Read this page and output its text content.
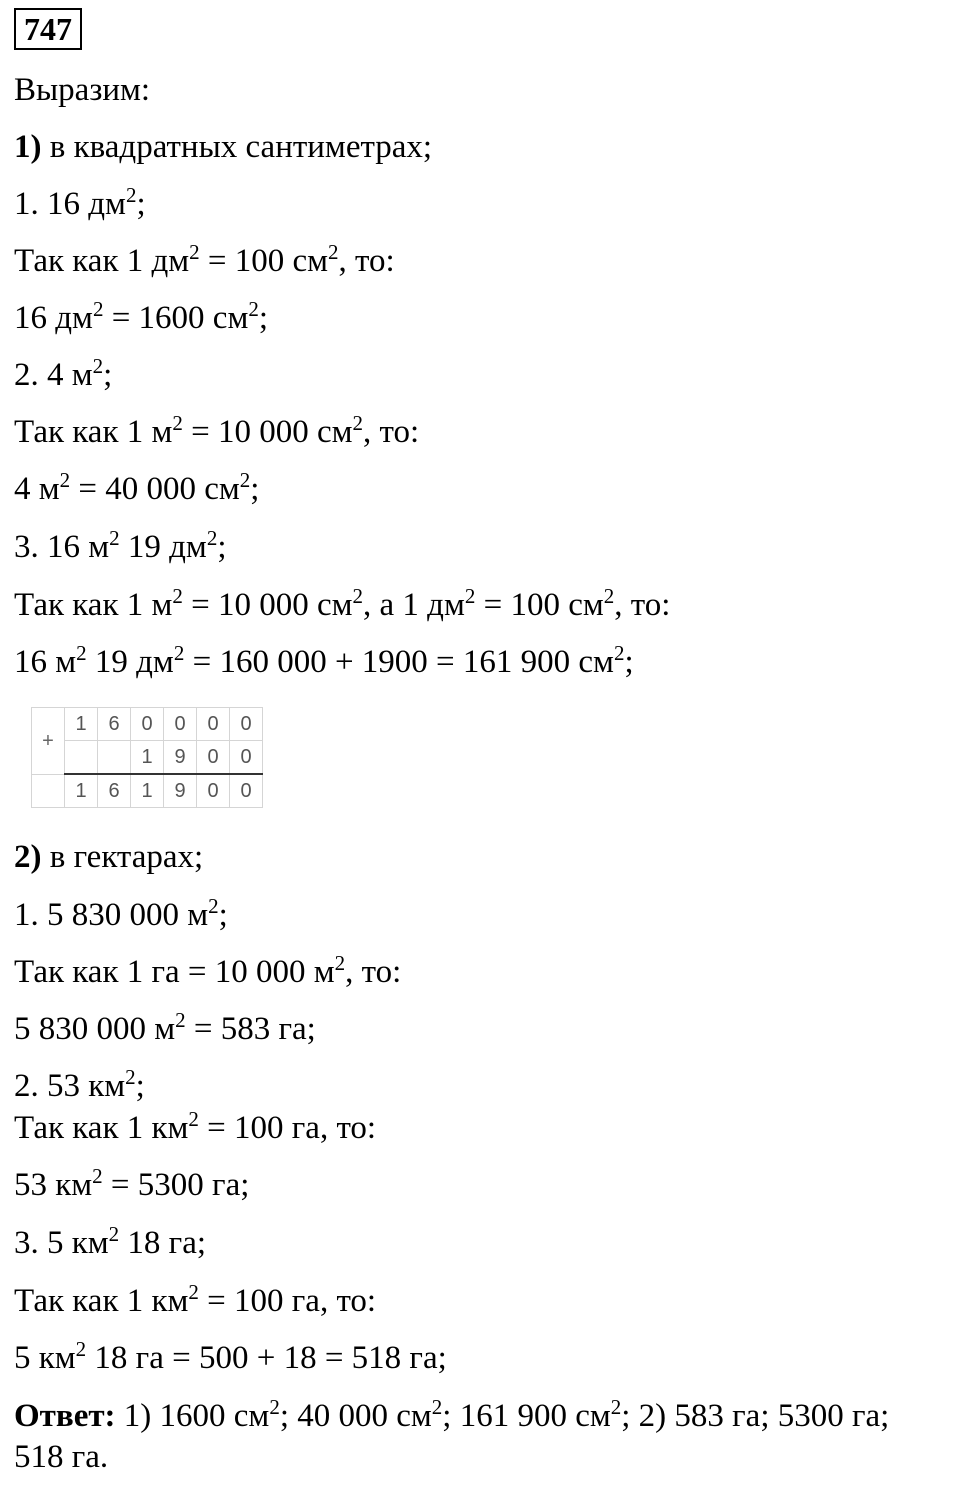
747
Выразим:
1) в квадратных сантиметрах;
1. 16 $дм^2$;
Так как 1 $дм^2 = 100$ $см^2$, то:
16 $дм^2 = 1600$ $см^2$;
2. 4 $м^2$;
Так как 1 $м^2 = 10$ 000 $см^2$, то:
4 $м^2 = 40$ 000 $см^2$;
3. 16 $м^2$ 19 $дм^2$;
Так как 1 $м^2 = 10$ 000 $см^2$, а 1 $дм^2 = 100$ $см^2$, то:
16 $м^2$ 19 $дм^2 = 160$ 000 + 1900 = 161 900 $см^2$;
+	1	6	0	0	0	0
			1	9	0	0
	1	6	1	9	0	0
2) в гектарах;
1. 5 830 000 $м^2$;
Так как 1 га = 10 000 $м^2$, то:
5 830 000 $м^2 = 583$ га;
2. 53 $км^2$;
Так как 1 $км^2 = 100$ га, то:
53 $км^2 = 5300$ га;
3. 5 $км^2$ 18 га;
Так как 1 $км^2 = 100$ га, то:
5 $км^2$ 18 га = 500 + 18 = 518 га;
Ответ: 1) 1600 $см^2$; 40 000 $см^2$; 161 900 $см^2$; 2) 583 га; 5300 га;
518 га.
